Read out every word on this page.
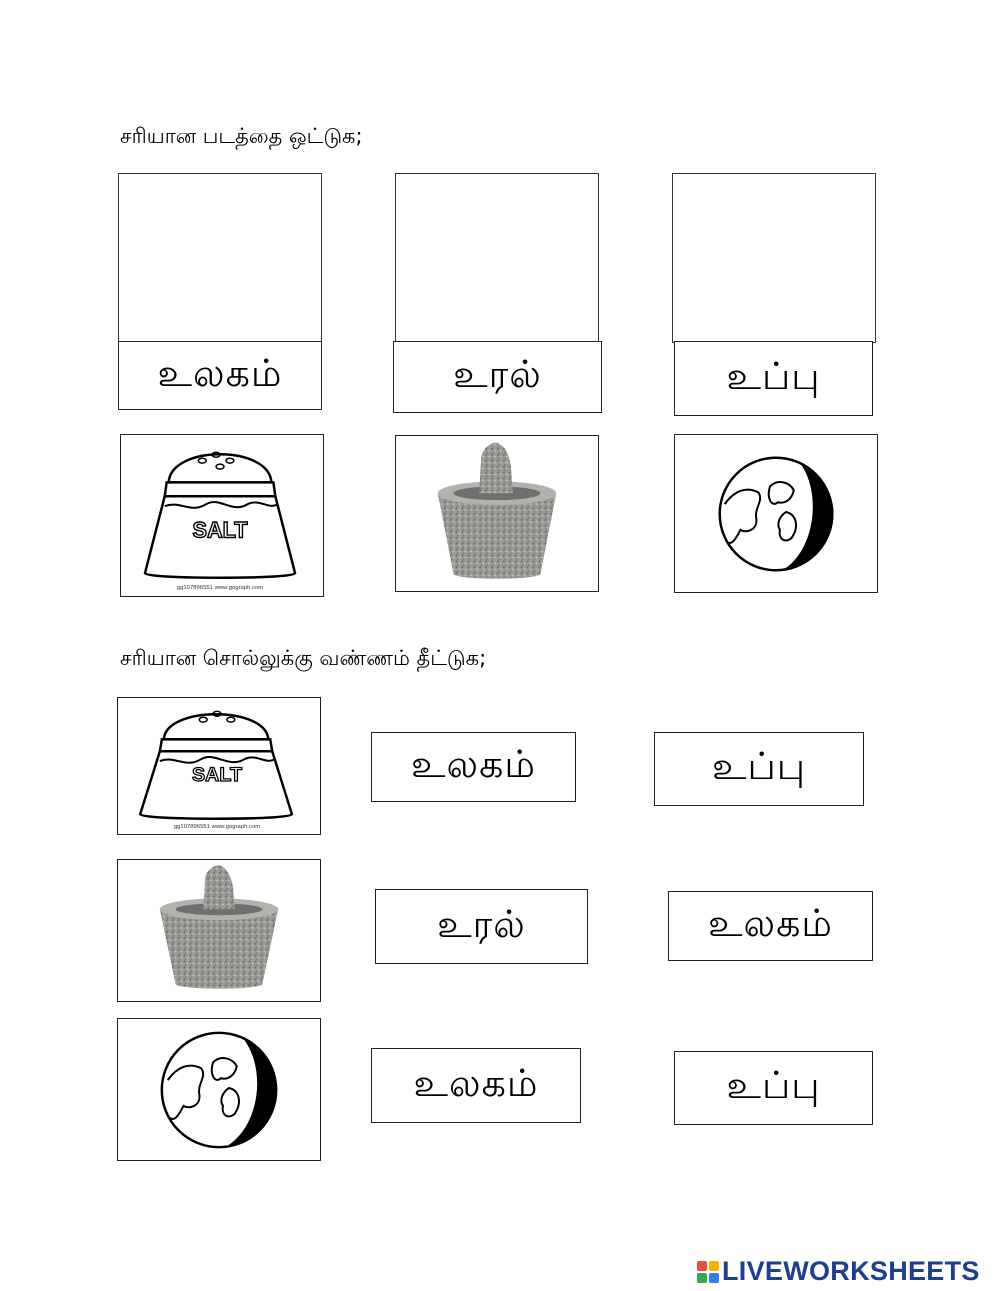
சரியான படத்தை ஒட்டுக;
உலகம்	உரல்	உப்பு
SALT
gg107896551 www.gograph.com
சரியான சொல்லுக்கு வண்ணம் தீட்டுக;
SALT
gg107896551 www.gograph.com
உலகம்	உப்பு
உரல்	உலகம்
உலகம்	உப்பு
LIVEWORKSHEETS
